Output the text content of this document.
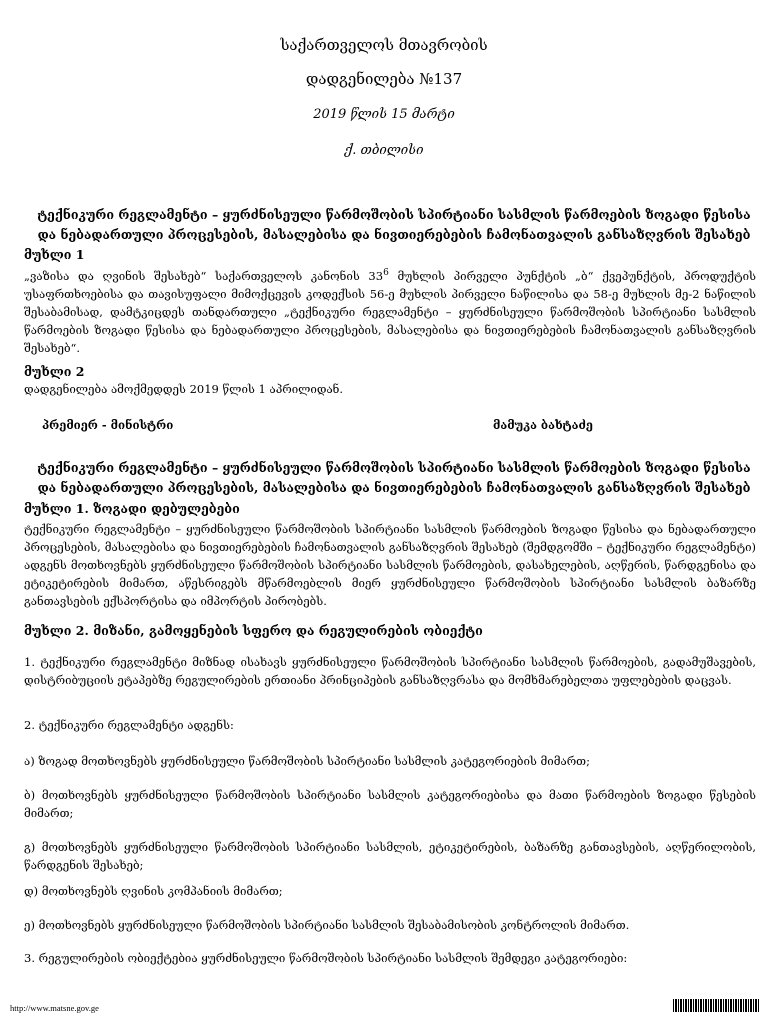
საქართველოს მთავრობის
დადგენილება №137
2019 წლის 15 მარტი
ქ. თბილისი
ტექნიკური რეგლამენტი – ყურძნისეული წარმოშობის სპირტიანი სასმლის წარმოების ზოგადი წესისა
და ნებადართული პროცესების, მასალებისა და ნივთიერებების ჩამონათვალის განსაზღვრის შესახებ
მუხლი 1
„ვაზისა და ღვინის შესახებ“ საქართველოს კანონის $33^6$ მუხლის პირველი პუნქტის „ბ“ ქვეპუნქტის, პროდუქტის უსაფრთხოებისა და თავისუფალი მიმოქცევის კოდექსის 56-ე მუხლის პირველი ნაწილისა და 58-ე მუხლის მე-2 ნაწილის შესაბამისად, დამტკიცდეს თანდართული „ტექნიკური რეგლამენტი – ყურძნისეული წარმოშობის სპირტიანი სასმლის წარმოების ზოგადი წესისა და ნებადართული პროცესების, მასალებისა და ნივთიერებების ჩამონათვალის განსაზღვრის შესახებ“.
მუხლი 2
დადგენილება ამოქმედდეს 2019 წლის 1 აპრილიდან.
პრემიერ - მინისტრი	მამუკა ბახტაძე
ტექნიკური რეგლამენტი – ყურძნისეული წარმოშობის სპირტიანი სასმლის წარმოების ზოგადი წესისა
და ნებადართული პროცესების, მასალებისა და ნივთიერებების ჩამონათვალის განსაზღვრის შესახებ
მუხლი 1. ზოგადი დებულებები
ტექნიკური რეგლამენტი – ყურძნისეული წარმოშობის სპირტიანი სასმლის წარმოების ზოგადი წესისა და ნებადართული პროცესების, მასალებისა და ნივთიერებების ჩამონათვალის განსაზღვრის შესახებ (შემდგომში – ტექნიკური რეგლამენტი) ადგენს მოთხოვნებს ყურძნისეული წარმოშობის სპირტიანი სასმლის წარმოების, დასახელების, აღწერის, წარდგენისა და ეტიკეტირების მიმართ, აწესრიგებს მწარმოებლის მიერ ყურძნისეული წარმოშობის სპირტიანი სასმლის ბაზარზე განთავსების ექსპორტისა და იმპორტის პირობებს.
მუხლი 2. მიზანი, გამოყენების სფერო და რეგულირების ობიექტი
1. ტექნიკური რეგლამენტი მიზნად ისახავს ყურძნისეული წარმოშობის სპირტიანი სასმლის წარმოების, გადამუშავების, დისტრიბუციის ეტაპებზე რეგულირების ერთიანი პრინციპების განსაზღვრასა და მომხმარებელთა უფლებების დაცვას.
2. ტექნიკური რეგლამენტი ადგენს:
ა) ზოგად მოთხოვნებს ყურძნისეული წარმოშობის სპირტიანი სასმლის კატეგორიების მიმართ;
ბ) მოთხოვნებს ყურძნისეული წარმოშობის სპირტიანი სასმლის კატეგორიებისა და მათი წარმოების ზოგადი წესების მიმართ;
გ) მოთხოვნებს ყურძნისეული წარმოშობის სპირტიანი სასმლის, ეტიკეტირების, ბაზარზე განთავსების, აღწერილობის, წარდგენის შესახებ;
დ) მოთხოვნებს ღვინის კომპანიის მიმართ;
ე) მოთხოვნებს ყურძნისეული წარმოშობის სპირტიანი სასმლის შესაბამისობის კონტროლის მიმართ.
3. რეგულირების ობიექტებია ყურძნისეული წარმოშობის სპირტიანი სასმლის შემდეგი კატეგორიები:
http://www.matsne.gov.ge
